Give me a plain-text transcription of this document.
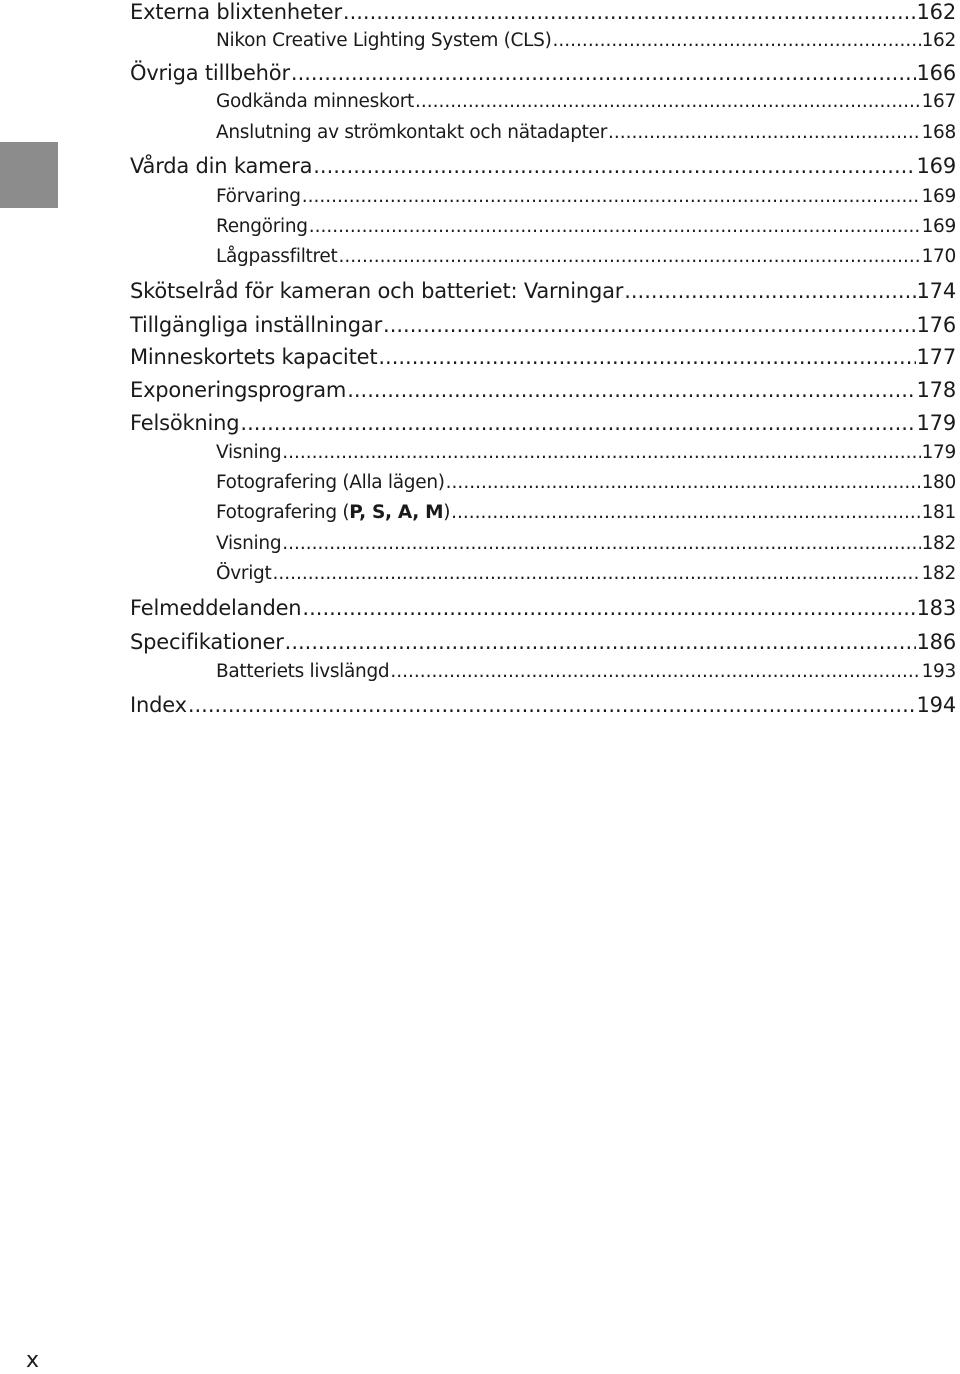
Externa blixtenheter .....	162
Nikon Creative Lighting System (CLS) .....	162
Övriga tillbehör .....	166
Godkända minneskort .....	167
Anslutning av strömkontakt och nätadapter .....	168
Vårda din kamera .....	169
Förvaring .....	169
Rengöring .....	169
Lågpassfiltret .....	170
Skötselråd för kameran och batteriet: Varningar .....	174
Tillgängliga inställningar .....	176
Minneskortets kapacitet .....	177
Exponeringsprogram .....	178
Felsökning .....	179
Visning .....	179
Fotografering (Alla lägen) .....	180
Fotografering (P, S, A, M) .....	181
Visning .....	182
Övrigt .....	182
Felmeddelanden .....	183
Specifikationer .....	186
Batteriets livslängd .....	193
Index .....	194
x
